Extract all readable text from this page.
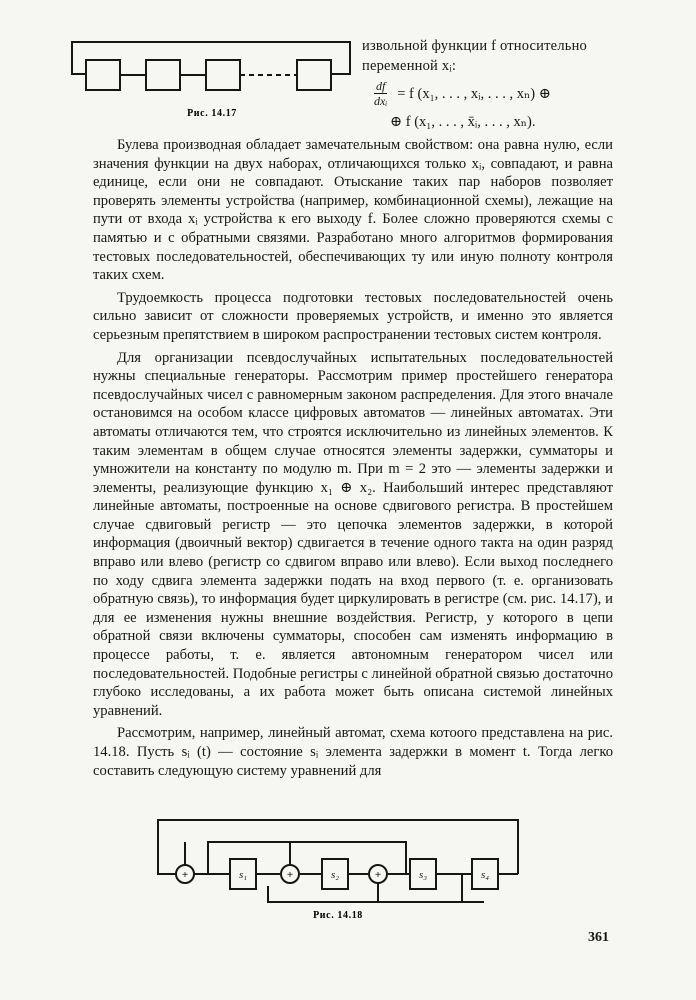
Рис. 14.17
извольной функции f относительно переменной xᵢ:
$\frac{df}{\text{dxᵢ}} = f$ (x₁, . . . , xᵢ, . . . , xₙ) ⊕
⊕ f (x₁, . . . , x̄ᵢ, . . . , xₙ).

Булева производная обладает замечательным свойством: она равна нулю, если значения функции на двух наборах, отличающихся только xᵢ, совпадают, и равна единице, если они не совпадают. Отыскание таких пар наборов позволяет проверять элементы устройства (например, комбинационной схемы), лежащие на пути от входа xᵢ устройства к его выходу f. Более сложно проверяются схемы с памятью и с обратными связями. Разработано много алгоритмов формирования тестовых последовательностей, обеспечивающих ту или иную полноту контроля таких схем.

Трудоемкость процесса подготовки тестовых последовательностей очень сильно зависит от сложности проверяемых устройств, и именно это является серьезным препятствием в широком распространении тестовых систем контроля.

Для организации псевдослучайных испытательных последовательностей нужны специальные генераторы. Рассмотрим пример простейшего генератора псевдослучайных чисел с равномерным законом распределения. Для этого вначале остановимся на особом классе цифровых автоматов — линейных автоматах. Эти автоматы отличаются тем, что строятся исключительно из линейных элементов. К таким элементам в общем случае относятся элементы задержки, сумматоры и умножители на константу по модулю m. При m = 2 это — элементы задержки и элементы, реализующие функцию x₁ ⊕ x₂. Наибольший интерес представляют линейные автоматы, построенные на основе сдвигового регистра. В простейшем случае сдвиговый регистр — это цепочка элементов задержки, в которой информация (двоичный вектор) сдвигается в течение одного такта на один разряд вправо или влево (регистр со сдвигом вправо или влево). Если выход последнего по ходу сдвига элемента задержки подать на вход первого (т. е. организовать обратную связь), то информация будет циркулировать в регистре (см. рис. 14.17), и для ее изменения нужны внешние воздействия. Регистр, у которого в цепи обратной связи включены сумматоры, способен сам изменять информацию в процессе работы, т. е. является автономным генератором чисел или последовательностей. Подобные регистры с линейной обратной связью достаточно глубоко исследованы, а их работа может быть описана системой линейных уравнений.

Рассмотрим, например, линейный автомат, схема котоого представлена на рис. 14.18. Пусть sᵢ (t) — состояние sᵢ элемента задержки в момент t. Тогда легко составить следующую систему уравнений для

+	+	+
s₁	s₂	s₃	s₄
Рис. 14.18
361
